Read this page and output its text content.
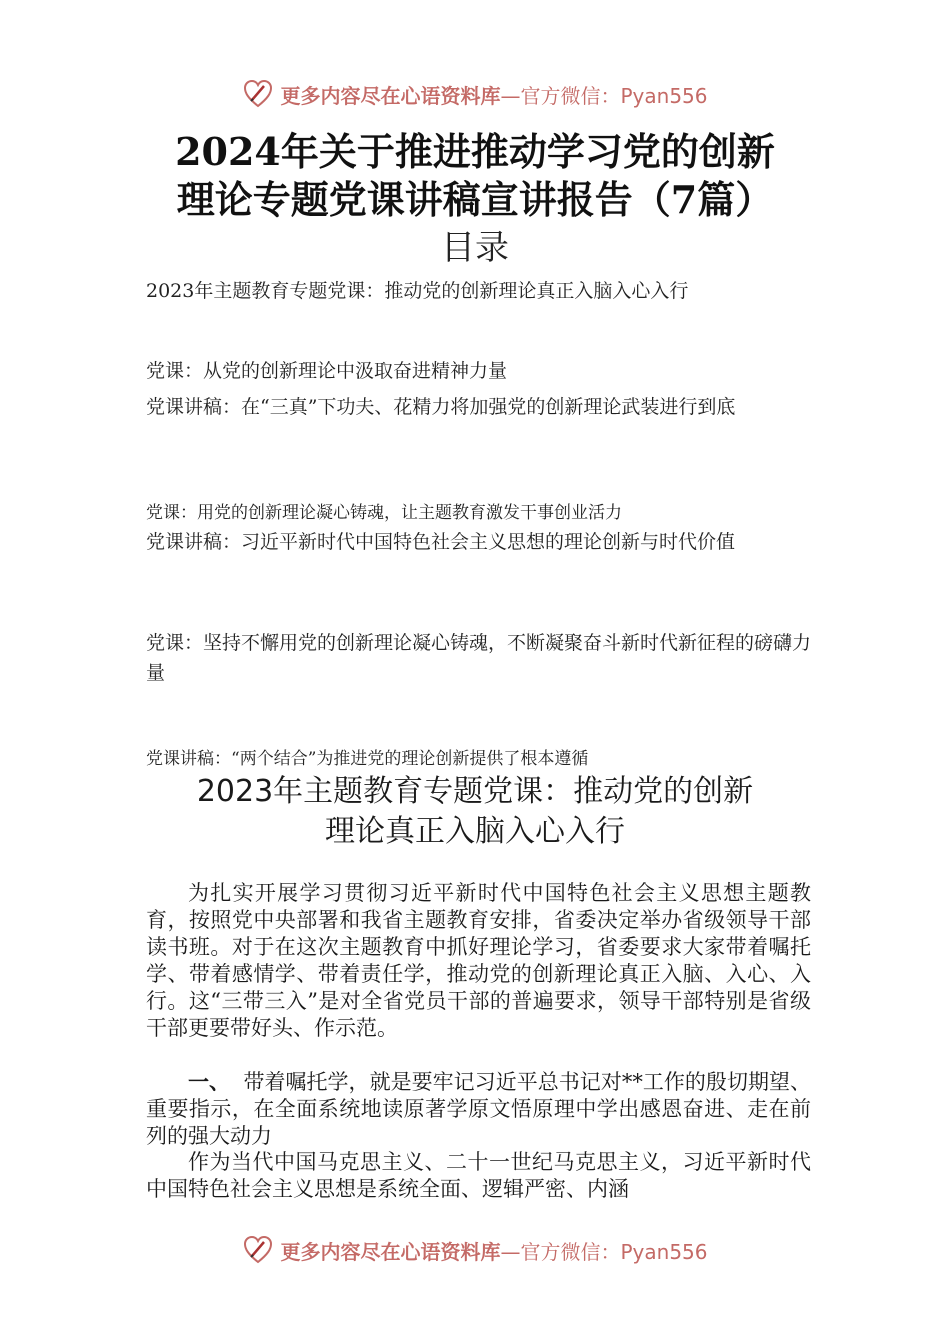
更多内容尽在心语资料库—官方微信：Pyan556
2024年关于推进推动学习党的创新
理论专题党课讲稿宣讲报告（7篇）
目录
2023年主题教育专题党课：推动党的创新理论真正入脑入心入行
党课：从党的创新理论中汲取奋进精神力量
党课讲稿：在“三真”下功夫、花精力将加强党的创新理论武装进行到底
党课：用党的创新理论凝心铸魂，让主题教育激发干事创业活力
党课讲稿：习近平新时代中国特色社会主义思想的理论创新与时代价值
党课：坚持不懈用党的创新理论凝心铸魂，不断凝聚奋斗新时代新征程的磅礴力量
党课讲稿：“两个结合”为推进党的理论创新提供了根本遵循
2023年主题教育专题党课：推动党的创新
理论真正入脑入心入行
为扎实开展学习贯彻习近平新时代中国特色社会主义思想主题教育，按照党中央部署和我省主题教育安排，省委决定举办省级领导干部读书班。对于在这次主题教育中抓好理论学习，省委要求大家带着嘱托学、带着感情学、带着责任学，推动党的创新理论真正入脑、入心、入行。这“三带三入”是对全省党员干部的普遍要求，领导干部特别是省级干部更要带好头、作示范。
一、 带着嘱托学，就是要牢记习近平总书记对**工作的殷切期望、重要指示，在全面系统地读原著学原文悟原理中学出感恩奋进、走在前列的强大动力
作为当代中国马克思主义、二十一世纪马克思主义，习近平新时代中国特色社会主义思想是系统全面、逻辑严密、内涵
更多内容尽在心语资料库—官方微信：Pyan556
